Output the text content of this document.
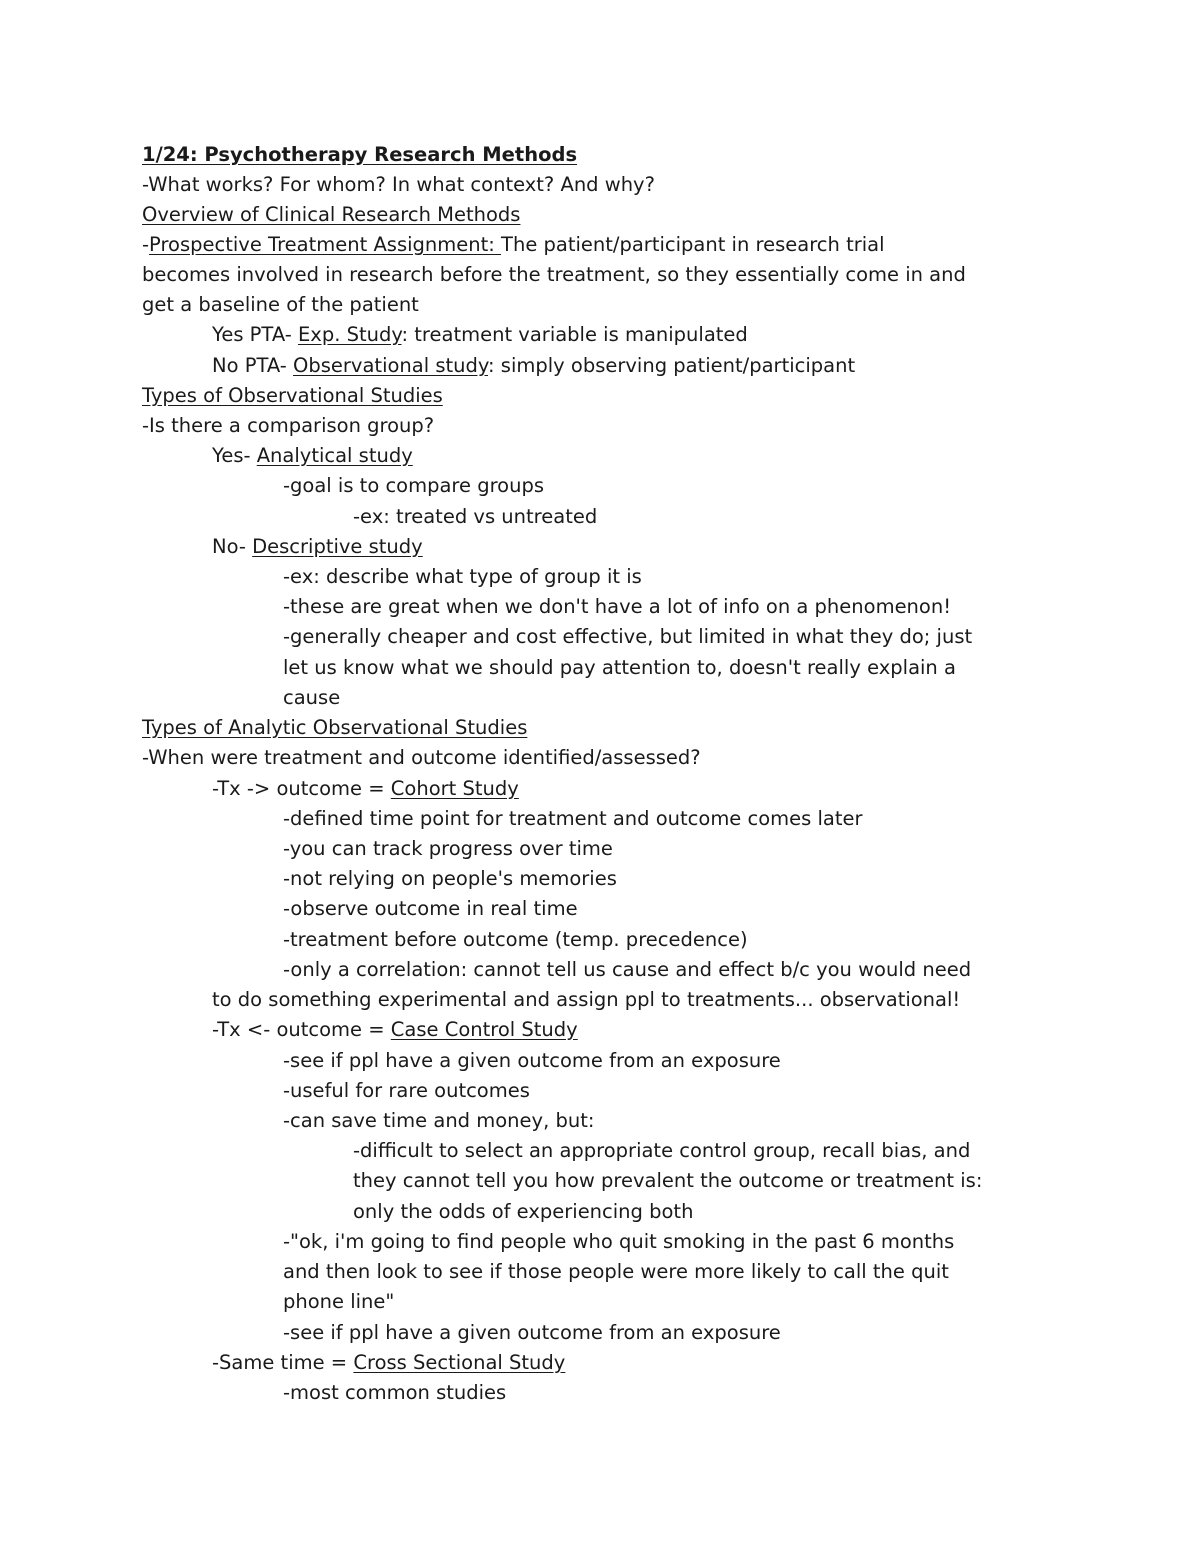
1/24: Psychotherapy Research Methods
-What works? For whom? In what context? And why?
Overview of Clinical Research Methods
-Prospective Treatment Assignment: The patient/participant in research trial
becomes involved in research before the treatment, so they essentially come in and
get a baseline of the patient
Yes PTA- Exp. Study: treatment variable is manipulated
No PTA- Observational study: simply observing patient/participant
Types of Observational Studies
-Is there a comparison group?
Yes- Analytical study
-goal is to compare groups
-ex: treated vs untreated
No- Descriptive study
-ex: describe what type of group it is
-these are great when we don't have a lot of info on a phenomenon!
-generally cheaper and cost effective, but limited in what they do; just
let us know what we should pay attention to, doesn't really explain a
cause
Types of Analytic Observational Studies
-When were treatment and outcome identified/assessed?
-Tx -> outcome = Cohort Study
-defined time point for treatment and outcome comes later
-you can track progress over time
-not relying on people's memories
-observe outcome in real time
-treatment before outcome (temp. precedence)
-only a correlation: cannot tell us cause and effect b/c you would need
to do something experimental and assign ppl to treatments... observational!
-Tx <- outcome = Case Control Study
-see if ppl have a given outcome from an exposure
-useful for rare outcomes
-can save time and money, but:
-difficult to select an appropriate control group, recall bias, and
they cannot tell you how prevalent the outcome or treatment is:
only the odds of experiencing both
-"ok, i'm going to find people who quit smoking in the past 6 months
and then look to see if those people were more likely to call the quit
phone line"
-see if ppl have a given outcome from an exposure
-Same time = Cross Sectional Study
-most common studies
